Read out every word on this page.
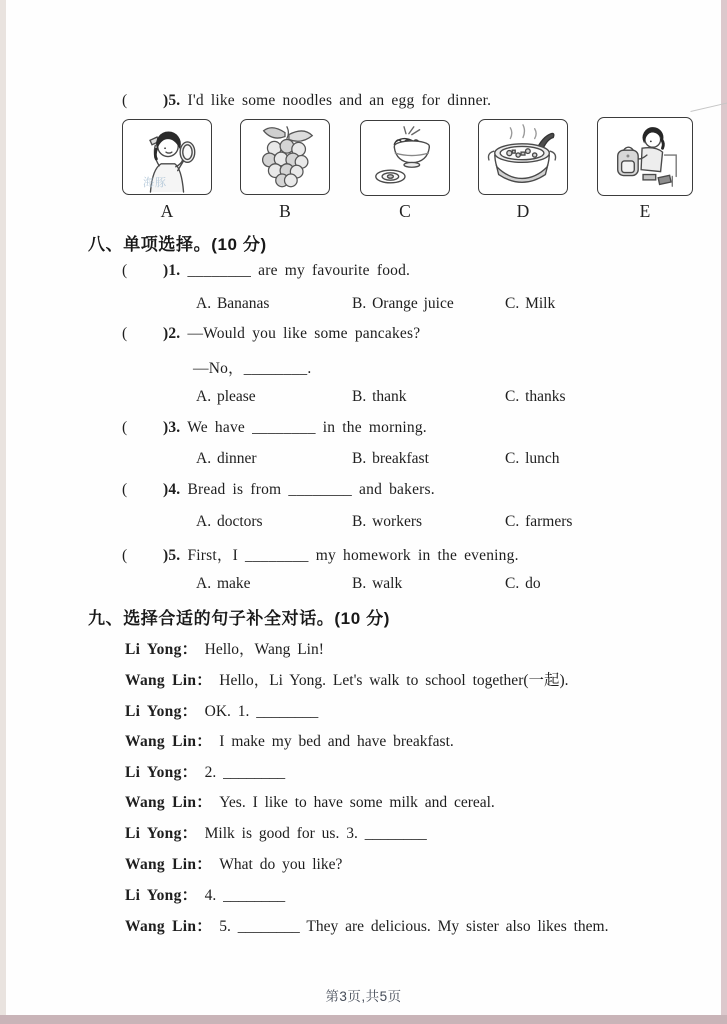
( )5. I'd like some noodles and an egg for dinner.
海豚
A	B	C	D	E
八、单项选择。(10 分)
( )1. ________ are my favourite food.
A. Bananas	B. Orange juice	C. Milk
( )2. —Would you like some pancakes?
—No，________.
A. please	B. thank	C. thanks
( )3. We have ________ in the morning.
A. dinner	B. breakfast	C. lunch
( )4. Bread is from ________ and bakers.
A. doctors	B. workers	C. farmers
( )5. First，I ________ my homework in the evening.
A. make	B. walk	C. do
九、选择合适的句子补全对话。(10 分)
Li Yong： Hello，Wang Lin!
Wang Lin： Hello，Li Yong. Let's walk to school together(一起).
Li Yong： OK. 1. ________
Wang Lin： I make my bed and have breakfast.
Li Yong： 2. ________
Wang Lin： Yes. I like to have some milk and cereal.
Li Yong： Milk is good for us. 3. ________
Wang Lin： What do you like?
Li Yong： 4. ________
Wang Lin： 5. ________ They are delicious. My sister also likes them.
第3页,共5页
